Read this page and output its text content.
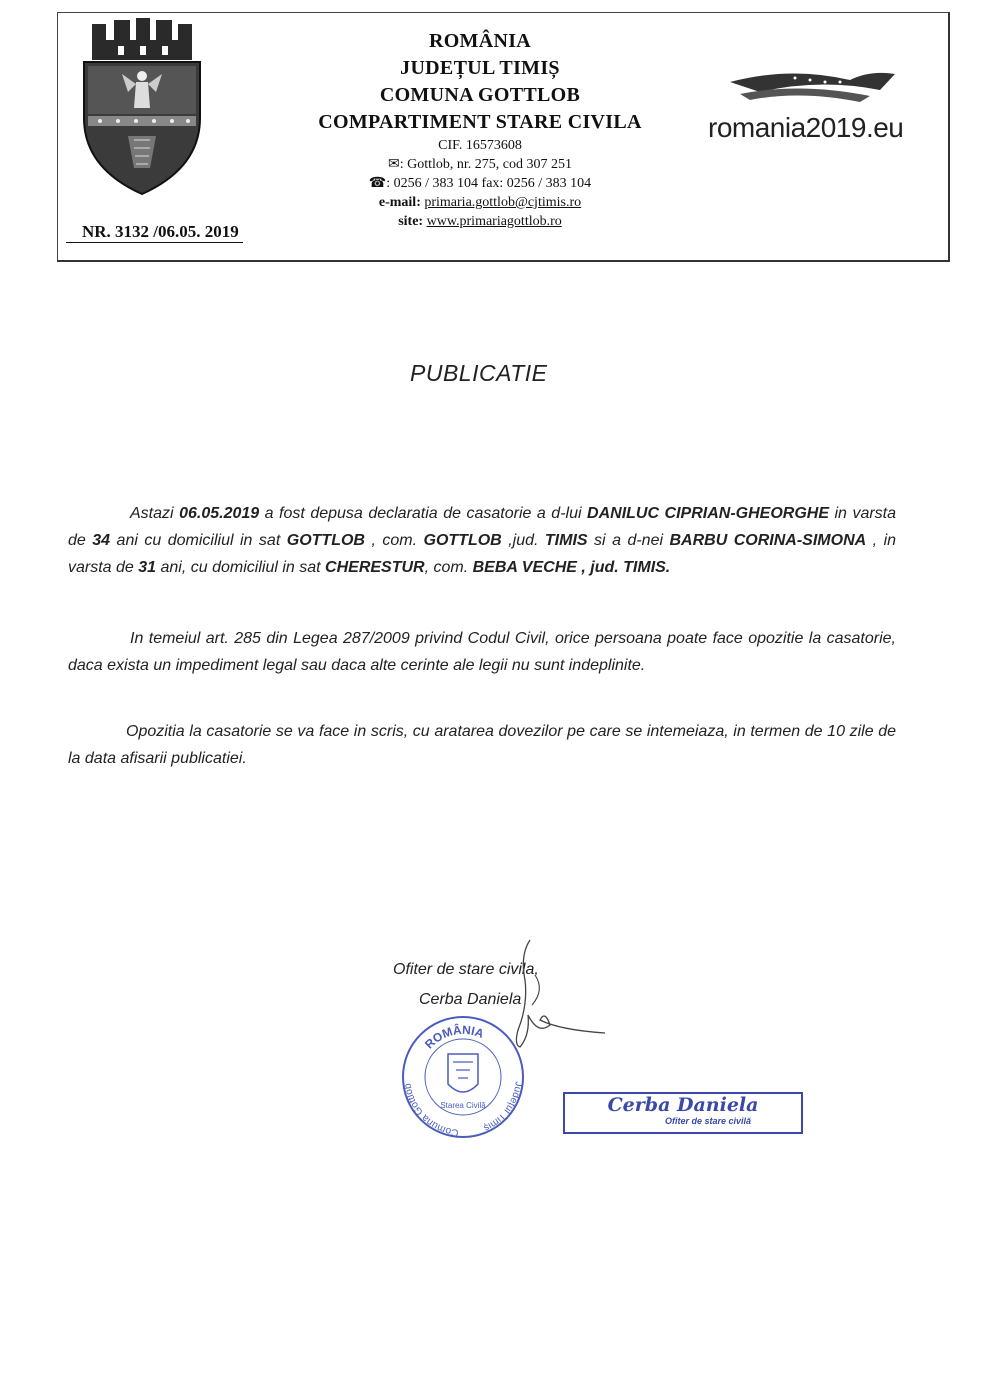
ROMÂNIA
JUDEȚUL TIMIȘ
COMUNA GOTTLOB
COMPARTIMENT STARE CIVILA
CIF. 16573608
✉: Gottlob, nr. 275, cod 307 251
☎: 0256 / 383 104 fax: 0256 / 383 104
e-mail: primaria.gottlob@cjtimis.ro
site: www.primariagottlob.ro
romania2019.eu
NR. 3132 /06.05. 2019
PUBLICATIE
Astazi 06.05.2019 a fost depusa declaratia de casatorie a d-lui DANILUC CIPRIAN-GHEORGHE in varsta de 34 ani cu domiciliul in sat GOTTLOB , com. GOTTLOB ,jud. TIMIS si a d-nei BARBU CORINA-SIMONA , in varsta de 31 ani, cu domiciliul in sat CHERESTUR, com. BEBA VECHE , jud. TIMIS.
In temeiul art. 285 din Legea 287/2009 privind Codul Civil, orice persoana poate face opozitie la casatorie, daca exista un impediment legal sau daca alte cerinte ale legii nu sunt indeplinite.
Opozitia la casatorie se va face in scris, cu aratarea dovezilor pe care se intemeiaza, in termen de 10 zile de la data afisarii publicatiei.
Ofiter de stare civila,
Cerba Daniela
ROMÂNIA
Comuna Gottlob	Județul Timiș
Starea Civilă	Cerba Daniela
Ofiter de stare civilă
